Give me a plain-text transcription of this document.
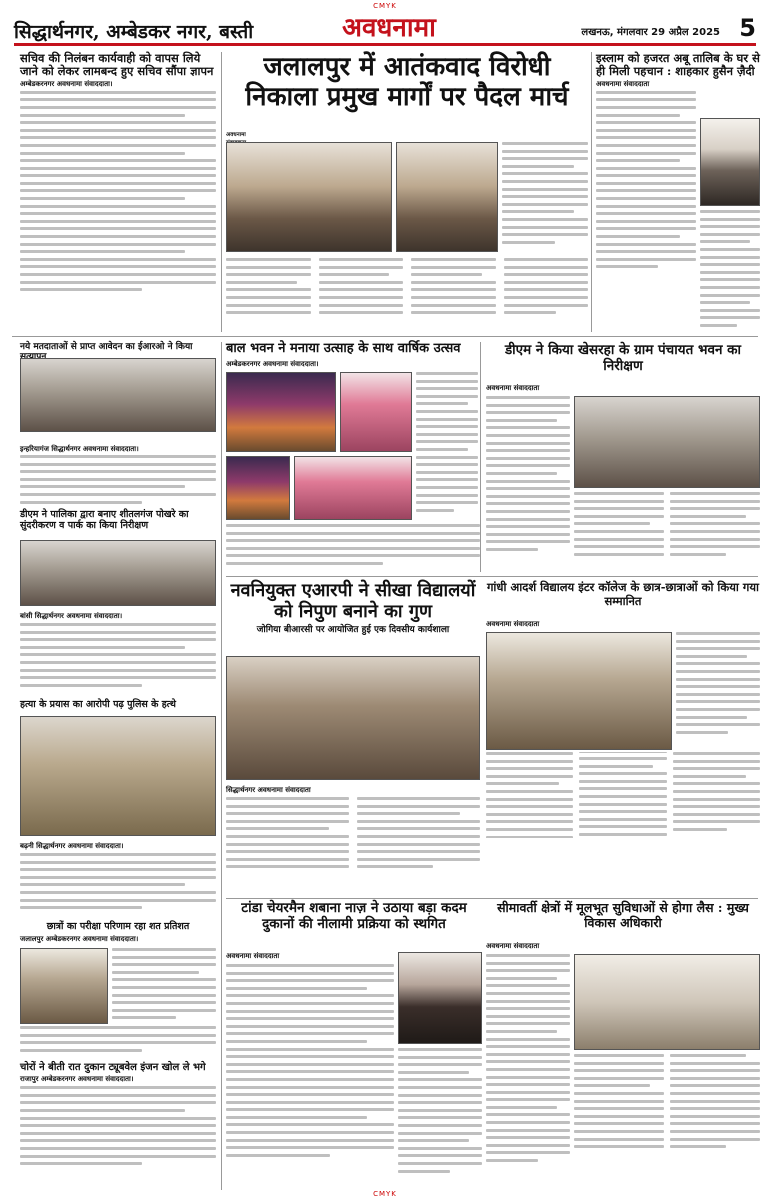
CMYK
सिद्धार्थनगर, अम्बेडकर नगर, बस्ती	अवधनामा	लखनऊ, मंगलवार 29 अप्रैल 2025 5
सचिव की निलंबन कार्यवाही को वापस लिये जाने को लेकर लामबन्द हुए सचिव सौंपा ज्ञापन
अम्बेडकरनगर अवधनामा संवाददाता।
जलालपुर में आतंकवाद विरोधी निकाला प्रमुख मार्गों पर पैदल मार्च
अवधनामा
इस्लाम को हजरत अबू तालिब के घर से ही मिली पहचान : शाहकार हुसैन ज़ैदी
अवधनामा संवाददाता
नये मतदाताओं से प्राप्त आवेदन का ईआरओ ने किया
इन्हरियागंज सिद्धार्थनगर अवधनामा संवाददाता।
डीएम ने पालिका द्वारा बनाए शीतलगंज पोखरे का सुंदरीकरण व पार्क का किया निरीक्षण
बांसी सिद्धार्थनगर अवधनामा संवाददाता।
हत्या के प्रयास का आरोपी पढ़ पुलिस के हत्थे
बढ़नी सिद्धार्थनगर अवधनामा संवाददाता।
छात्रों का परीक्षा परिणाम रहा शत प्रतिशत
जलालपुर अम्बेडकरनगर अवधनामा संवाददाता।
चोरों ने बीती रात दुकान ट्यूबवेल इंजन खोल ले भगे
राजापुर अम्बेडकरनगर अवधनामा संवाददाता।
बाल भवन ने मनाया उत्साह के साथ वार्षिक उत्सव
अम्बेडकरनगर अवधनामा संवाददाता।
डीएम ने किया खेसरहा के ग्राम पंचायत भवन का निरीक्षण
अवधनामा संवाददाता
नवनियुक्त एआरपी ने सीखा विद्यालयों को निपुण बनाने का गुण
जोगिया बीआरसी पर आयोजित हुई एक दिवसीय कार्यशाला
सिद्धार्थनगर अवधनामा संवाददाता
गांधी आदर्श विद्यालय इंटर कॉलेज के छात्र-छात्राओं को किया गया सम्मानित
अवधनामा संवाददाता
टांडा चेयरमैन शबाना नाज़ ने उठाया बड़ा कदम दुकानों की नीलामी प्रक्रिया को स्थगित
अवधनामा संवाददाता
सीमावर्ती क्षेत्रों में मूलभूत सुविधाओं से होगा लैस : मुख्य विकास अधिकारी
अवधनामा संवाददाता
CMYK
